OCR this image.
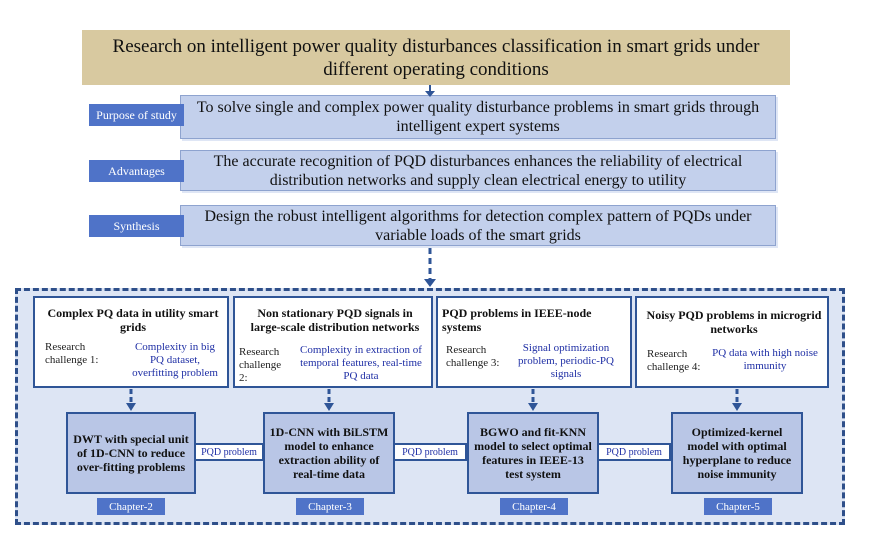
Research on intelligent power quality disturbances classification in smart grids under different operating conditions
To solve single and complex power quality disturbance problems in smart grids through intelligent expert systems
Purpose of study
The accurate recognition of PQD disturbances enhances the reliability of electrical distribution networks and supply clean electrical energy to utility
Advantages
Design the robust intelligent algorithms for detection complex pattern of PQDs under variable loads of the smart grids
Synthesis
Complex PQ data in utility smart grids
Research challenge 1:
Complexity in big PQ dataset, overfitting problem
Non stationary PQD signals in large-scale distribution networks
Research challenge 2:
Complexity in extraction of temporal features, real-time PQ data
PQD problems in IEEE-node systems
Research challenge 3:
Signal optimization problem, periodic-PQ signals
Noisy PQD problems in microgrid networks
Research challenge 4:
PQ data with high noise immunity
DWT with special unit of 1D-CNN to reduce over-fitting problems
1D-CNN with BiLSTM model to enhance extraction ability of real-time data
BGWO and fit-KNN model to select optimal features in IEEE-13 test system
Optimized-kernel model with optimal hyperplane to reduce noise immunity
PQD problem	PQD problem	PQD problem
Chapter-2	Chapter-3	Chapter-4	Chapter-5
